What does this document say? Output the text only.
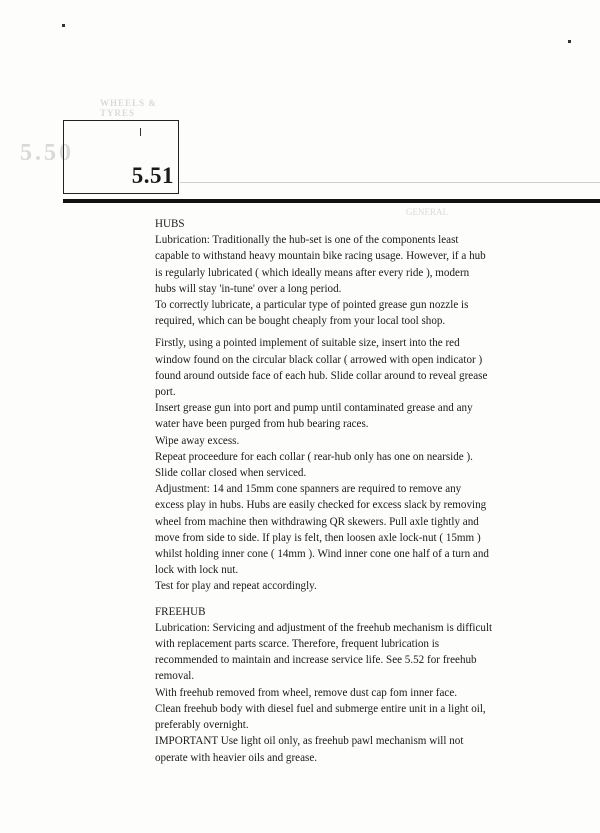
WHEELS &
TYRES
5.50
GENERAL
5.51
HUBS
Lubrication: Traditionally the hub-set is one of the components least
capable to withstand heavy mountain bike racing usage. However, if a hub
is regularly lubricated ( which ideally means after every ride ), modern
hubs will stay 'in-tune' over a long period.
To correctly lubricate, a particular type of pointed grease gun nozzle is
required, which can be bought cheaply from your local tool shop.
Firstly, using a pointed implement of suitable size, insert into the red
window found on the circular black collar ( arrowed with open indicator )
found around outside face of each hub. Slide collar around to reveal grease
port.
Insert grease gun into port and pump until contaminated grease and any
water have been purged from hub bearing races.
Wipe away excess.
Repeat proceedure for each collar ( rear-hub only has one on nearside ).
Slide collar closed when serviced.
Adjustment: 14 and 15mm cone spanners are required to remove any
excess play in hubs. Hubs are easily checked for excess slack by removing
wheel from machine then withdrawing QR skewers. Pull axle tightly and
move from side to side. If play is felt, then loosen axle lock-nut ( 15mm )
whilst holding inner cone ( 14mm ). Wind inner cone one half of a turn and
lock with lock nut.
Test for play and repeat accordingly.
FREEHUB
Lubrication: Servicing and adjustment of the freehub mechanism is difficult
with replacement parts scarce. Therefore, frequent lubrication is
recommended to maintain and increase service life. See 5.52 for freehub
removal.
With freehub removed from wheel, remove dust cap fom inner face.
Clean freehub body with diesel fuel and submerge entire unit in a light oil,
preferably overnight.
IMPORTANT Use light oil only, as freehub pawl mechanism will not
operate with heavier oils and grease.
